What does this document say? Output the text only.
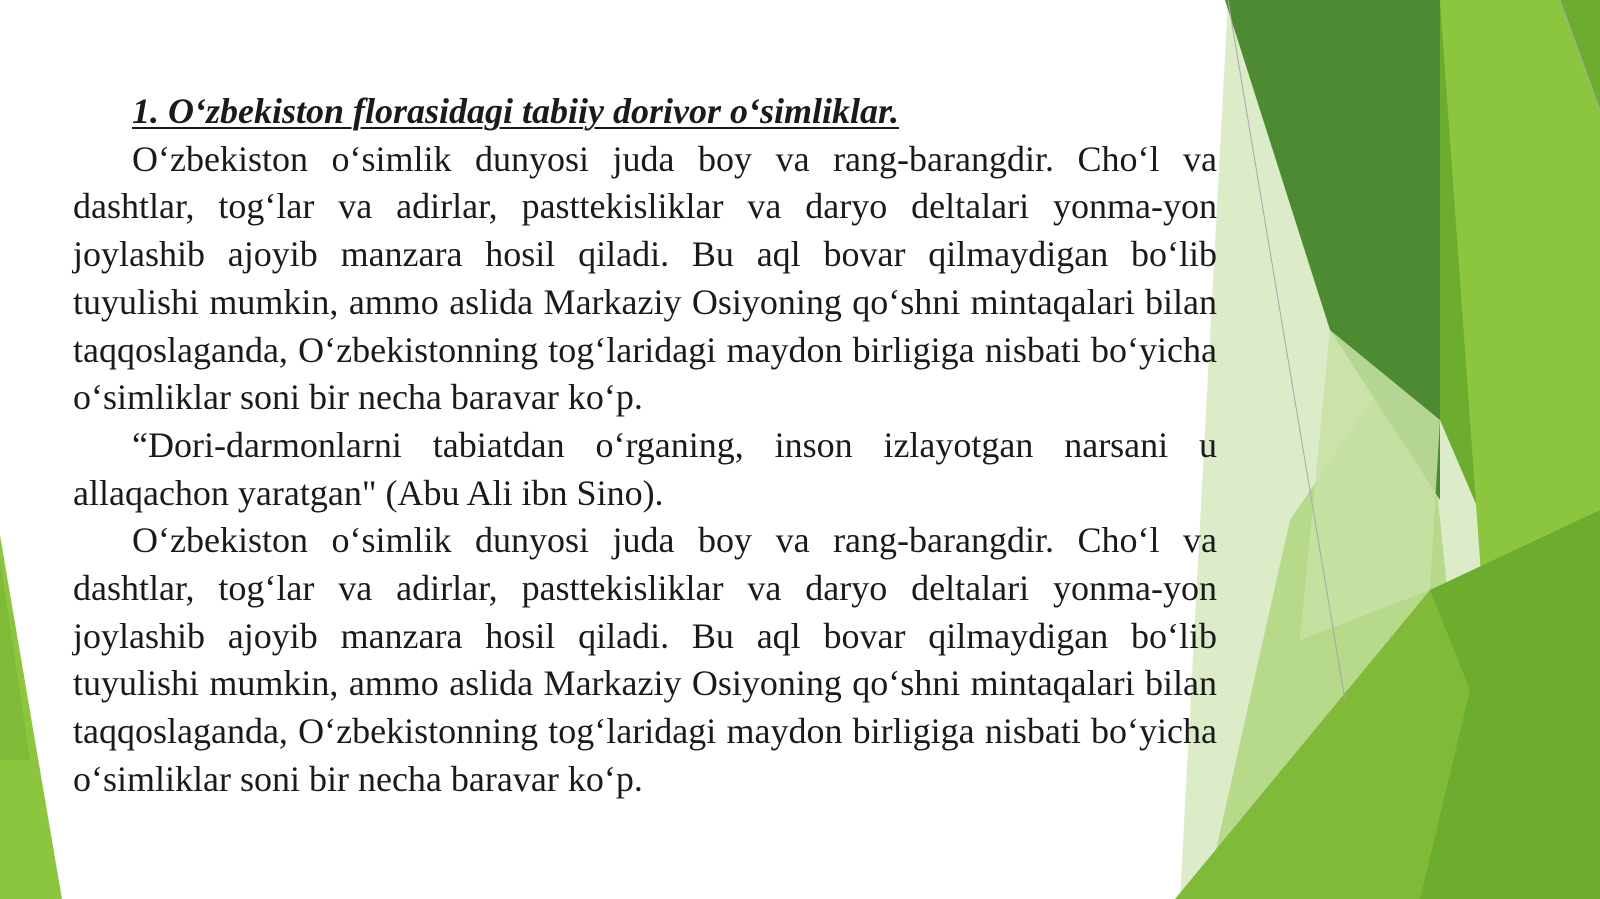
1. O‘zbekiston florasidagi tabiiy dorivor o‘simliklar.

O‘zbekiston o‘simlik dunyosi juda boy va rang-barangdir. Cho‘l va dashtlar, tog‘lar va adirlar, pasttekisliklar va daryo deltalari yonma-yon joylashib ajoyib manzara hosil qiladi. Bu aql bovar qilmaydigan bo‘lib tuyulishi mumkin, ammo aslida Markaziy Osiyoning qo‘shni mintaqalari bilan taqqoslaganda, O‘zbekistonning tog‘laridagi maydon birligiga nisbati bo‘yicha o‘simliklar soni bir necha baravar ko‘p.

“Dori-darmonlarni tabiatdan o‘rganing, inson izlayotgan narsani u allaqachon yaratgan" (Abu Ali ibn Sino).

O‘zbekiston o‘simlik dunyosi juda boy va rang-barangdir. Cho‘l va dashtlar, tog‘lar va adirlar, pasttekisliklar va daryo deltalari yonma-yon joylashib ajoyib manzara hosil qiladi. Bu aql bovar qilmaydigan bo‘lib tuyulishi mumkin, ammo aslida Markaziy Osiyoning qo‘shni mintaqalari bilan taqqoslaganda, O‘zbekistonning tog‘laridagi maydon birligiga nisbati bo‘yicha o‘simliklar soni bir necha baravar ko‘p.
